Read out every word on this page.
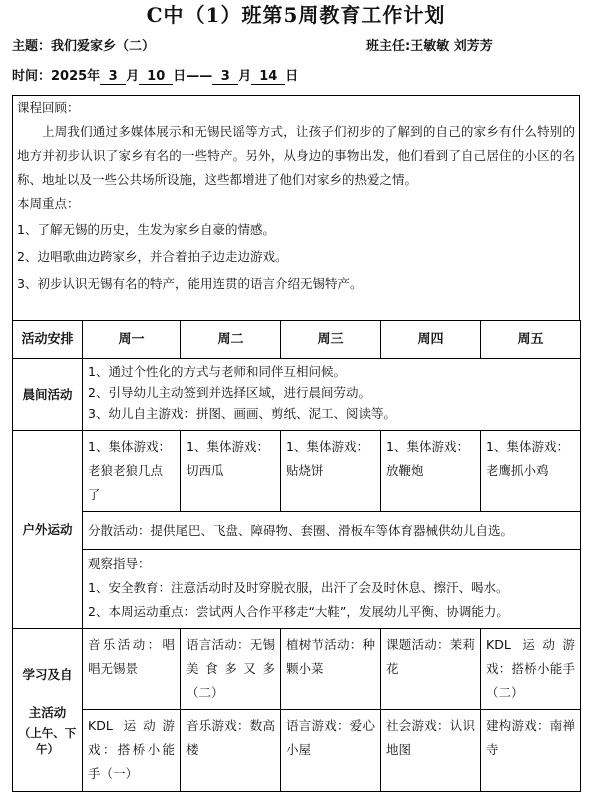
C中（1）班第5周教育工作计划
主题：我们爱家乡（二）	班主任:王敏敏 刘芳芳
时间：2025年 3 月 10 日—— 3 月 14 日

课程回顾：

上周我们通过多媒体展示和无锡民谣等方式，让孩子们初步的了解到的自己的家乡有什么特别的地方并初步认识了家乡有名的一些特产。另外，从身边的事物出发，他们看到了自己居住的小区的名称、地址以及一些公共场所设施，这些都增进了他们对家乡的热爱之情。

本周重点：

1、了解无锡的历史，生发为家乡自豪的情感。

2、边唱歌曲边跨家乡，并合着拍子边走边游戏。

3、初步认识无锡有名的特产，能用连贯的语言介绍无锡特产。

活动安排	周一	周二	周三	周四	周五
晨间活动	1、通过个性化的方式与老师和同伴互相问候。
2、引导幼儿主动签到并选择区域，进行晨间劳动。
3、幼儿自主游戏：拼图、画画、剪纸、泥工、阅读等。				

户外运动	1、集体游戏：老狼老狼几点了	1、集体游戏：切西瓜	1、集体游戏：贴烧饼	1、集体游戏：放鞭炮	1、集体游戏：老鹰抓小鸡
	分散活动：提供尾巴、飞盘、障碍物、套圈、滑板车等体育器械供幼儿自选。				

	观察指导：
1、安全教育：注意活动时及时穿脱衣服，出汗了会及时休息、擦汗、喝水。
2、本周运动重点：尝试两人合作平移走“大鞋”，发展幼儿平衡、协调能力。				

学习及自
主活动
（上午、下午）	音乐活动：唱唱无锡景	语言活动：无锡美食多又多（二）	植树节活动：种颗小菜	课题活动：茉莉花	KDL 运动游戏：搭桥小能手（二）
	KDL 运动游戏：搭桥小能手（一）	音乐游戏：数高楼	语言游戏：爱心小屋	社会游戏：认识地图	建构游戏：南禅寺
